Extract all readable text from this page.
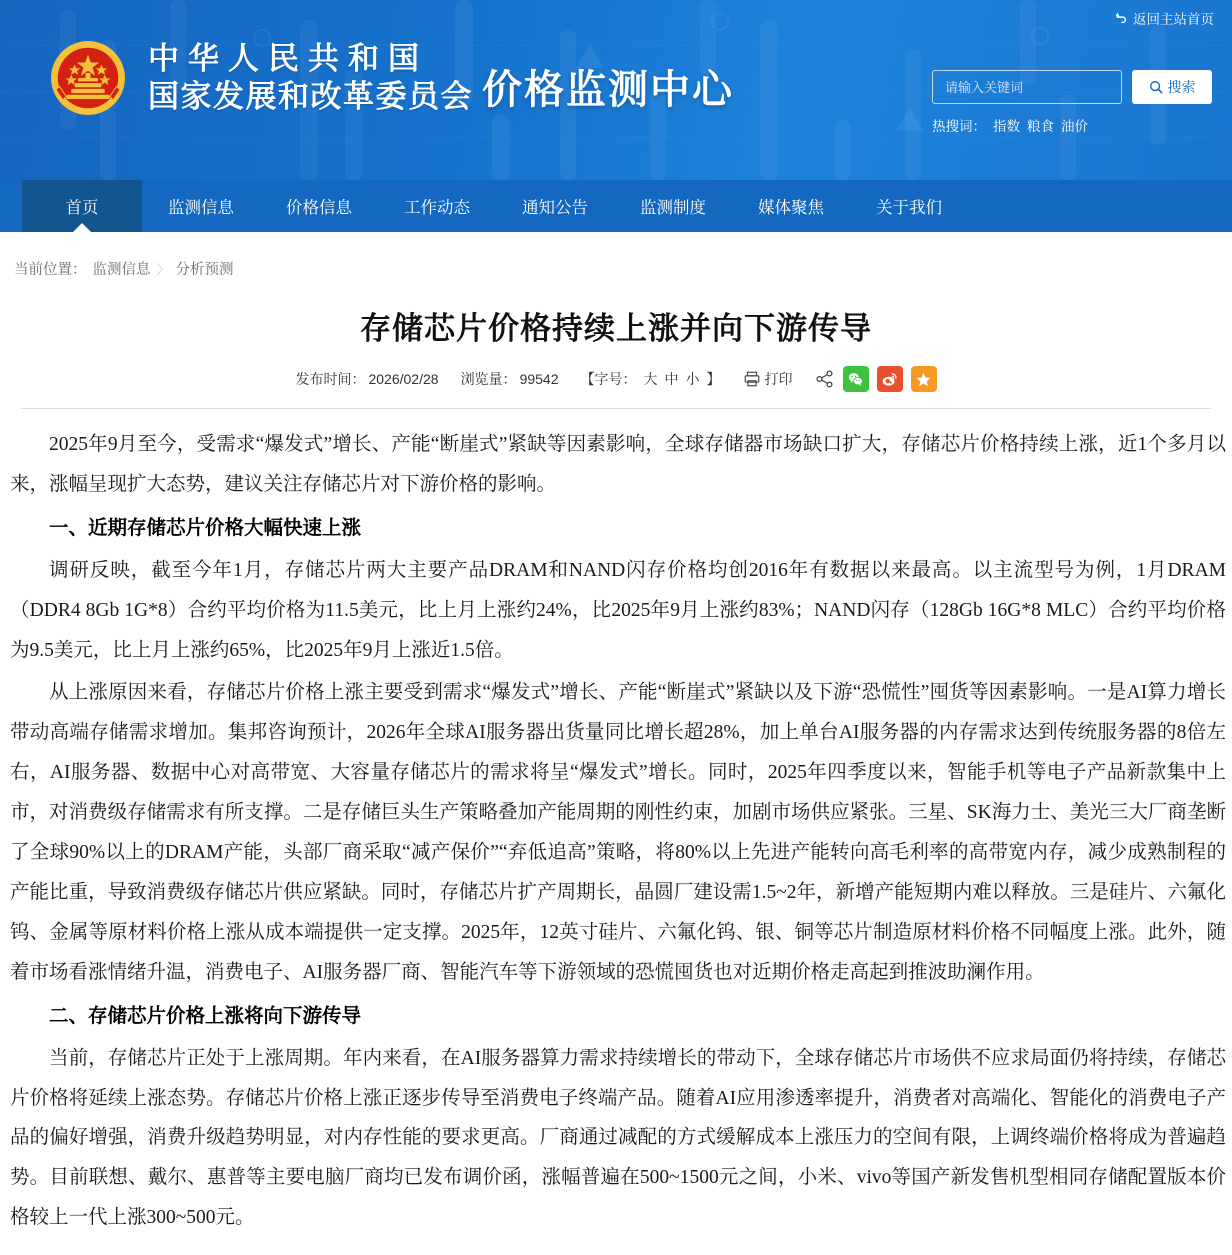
返回主站首页
中华人民共和国
国家发展和改革委员会 价格监测中心
请输入关键词	搜索
热搜词： 指数 粮食 油价
首页	监测信息	价格信息	工作动态	通知公告	监测制度	媒体聚焦	关于我们
当前位置： 监测信息 〉 分析预测
存储芯片价格持续上涨并向下游传导
发布时间： 2026/02/28 浏览量： 99542 【字号： 大 中 小 】	打印

2025年9月至今，受需求“爆发式”增长、产能“断崖式”紧缺等因素影响，全球存储器市场缺口扩大，存储芯片价格持续上涨，近1个多月以来，涨幅呈现扩大态势，建议关注存储芯片对下游价格的影响。

一、近期存储芯片价格大幅快速上涨

调研反映，截至今年1月，存储芯片两大主要产品DRAM和NAND闪存价格均创2016年有数据以来最高。以主流型号为例，1月DRAM（DDR4 8Gb 1G*8）合约平均价格为11.5美元，比上月上涨约24%，比2025年9月上涨约83%；NAND闪存（128Gb 16G*8 MLC）合约平均价格为9.5美元，比上月上涨约65%，比2025年9月上涨近1.5倍。

从上涨原因来看，存储芯片价格上涨主要受到需求“爆发式”增长、产能“断崖式”紧缺以及下游“恐慌性”囤货等因素影响。一是AI算力增长带动高端存储需求增加。集邦咨询预计，2026年全球AI服务器出货量同比增长超28%，加上单台AI服务器的内存需求达到传统服务器的8倍左右，AI服务器、数据中心对高带宽、大容量存储芯片的需求将呈“爆发式”增长。同时，2025年四季度以来，智能手机等电子产品新款集中上市，对消费级存储需求有所支撑。二是存储巨头生产策略叠加产能周期的刚性约束，加剧市场供应紧张。三星、SK海力士、美光三大厂商垄断了全球90%以上的DRAM产能，头部厂商采取“减产保价”“弃低追高”策略，将80%以上先进产能转向高毛利率的高带宽内存，减少成熟制程的产能比重，导致消费级存储芯片供应紧缺。同时，存储芯片扩产周期长，晶圆厂建设需1.5~2年，新增产能短期内难以释放。三是硅片、六氟化钨、金属等原材料价格上涨从成本端提供一定支撑。2025年，12英寸硅片、六氟化钨、银、铜等芯片制造原材料价格不同幅度上涨。此外，随着市场看涨情绪升温，消费电子、AI服务器厂商、智能汽车等下游领域的恐慌囤货也对近期价格走高起到推波助澜作用。

二、存储芯片价格上涨将向下游传导

当前，存储芯片正处于上涨周期。年内来看，在AI服务器算力需求持续增长的带动下，全球存储芯片市场供不应求局面仍将持续，存储芯片价格将延续上涨态势。存储芯片价格上涨正逐步传导至消费电子终端产品。随着AI应用渗透率提升，消费者对高端化、智能化的消费电子产品的偏好增强，消费升级趋势明显，对内存性能的要求更高。厂商通过减配的方式缓解成本上涨压力的空间有限，上调终端价格将成为普遍趋势。目前联想、戴尔、惠普等主要电脑厂商均已发布调价函，涨幅普遍在500~1500元之间，小米、vivo等国产新发售机型相同存储配置版本价格较上一代上涨300~500元。
